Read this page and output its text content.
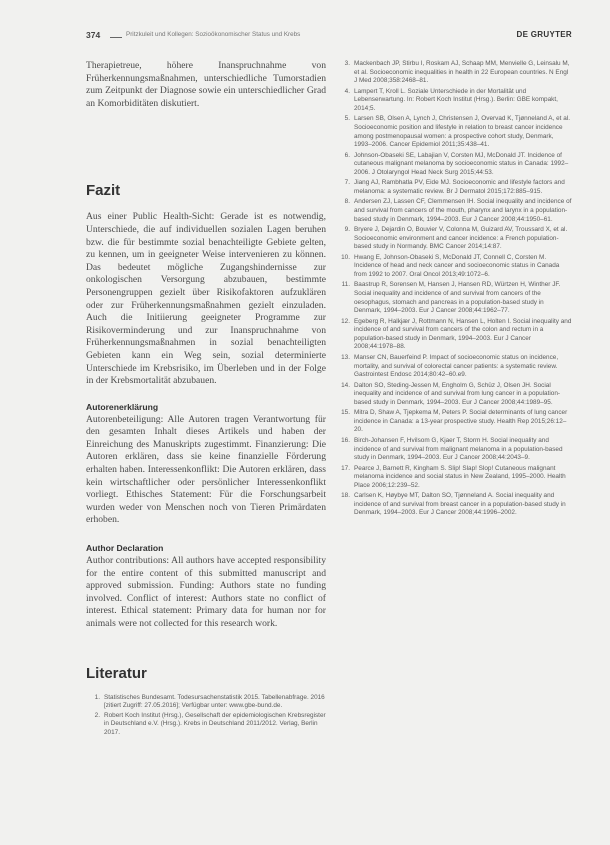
374	Pritzkuleit und Kollegen: Sozioökonomischer Status und Krebs	DE GRUYTER

Therapietreue, höhere Inanspruchnahme von Früherkennungsmaßnahmen, unterschiedliche Tumorstadien zum Zeitpunkt der Diagnose sowie ein unterschiedlicher Grad an Komorbiditäten diskutiert.

Fazit

Aus einer Public Health-Sicht: Gerade ist es notwendig, Unterschiede, die auf individuellen sozialen Lagen beruhen bzw. die für bestimmte sozial benachteiligte Gebiete gelten, zu kennen, um in geeigneter Weise intervenieren zu können. Das bedeutet mögliche Zugangshindernisse zur onkologischen Versorgung abzubauen, bestimmte Personengruppen gezielt über Risikofaktoren aufzuklären oder zur Früherkennungsmaßnahmen gezielt einzuladen. Auch die Initiierung geeigneter Programme zur Risikoverminderung und zur Inanspruchnahme von Früherkennungsmaßnahmen in sozial benachteiligten Gebieten kann ein Weg sein, sozial determinierte Unterschiede im Krebsrisiko, im Überleben und in der Folge in der Krebsmortalität abzubauen.

Autorenerklärung

Autorenbeteiligung: Alle Autoren tragen Verantwortung für den gesamten Inhalt dieses Artikels und haben der Einreichung des Manuskripts zugestimmt. Finanzierung: Die Autoren erklären, dass sie keine finanzielle Förderung erhalten haben. Interessenkonflikt: Die Autoren erklären, dass kein wirtschaftlicher oder persönlicher Interessenkonflikt vorliegt. Ethisches Statement: Für die Forschungsarbeit wurden weder von Menschen noch von Tieren Primärdaten erhoben.

Author Declaration

Author contributions: All authors have accepted responsibility for the entire content of this submitted manuscript and approved submission. Funding: Authors state no funding involved. Conflict of interest: Authors state no conflict of interest. Ethical statement: Primary data for human nor for animals were not collected for this research work.

Literatur
1. Statistisches Bundesamt. Todesursachenstatistik 2015. Tabellenabfrage. 2016 [zitiert Zugriff: 27.05.2016]; Verfügbar unter: www.gbe-bund.de.
2. Robert Koch Institut (Hrsg.), Gesellschaft der epidemiologischen Krebsregister in Deutschland e.V. (Hrsg.). Krebs in Deutschland 2011/2012. Verlag, Berlin 2017.
3. Mackenbach JP, Stirbu I, Roskam AJ, Schaap MM, Menvielle G, Leinsalu M, et al. Socioeconomic inequalities in health in 22 European countries. N Engl J Med 2008;358:2468–81.
4. Lampert T, Kroll L. Soziale Unterschiede in der Mortalität und Lebenserwartung. In: Robert Koch Institut (Hrsg.). Berlin: GBE kompakt, 2014;5.
5. Larsen SB, Olsen A, Lynch J, Christensen J, Overvad K, Tjønneland A, et al. Socioeconomic position and lifestyle in relation to breast cancer incidence among postmenopausal women: a prospective cohort study, Denmark, 1993–2006. Cancer Epidemiol 2011;35:438–41.
6. Johnson-Obaseki SE, Labajian V, Corsten MJ, McDonald JT. Incidence of cutaneous malignant melanoma by socioeconomic status in Canada: 1992–2006. J Otolaryngol Head Neck Surg 2015;44:53.
7. Jiang AJ, Rambhatla PV, Eide MJ. Socioeconomic and lifestyle factors and melanoma: a systematic review. Br J Dermatol 2015;172:885–915.
8. Andersen ZJ, Lassen CF, Clemmensen IH. Social inequality and incidence of and survival from cancers of the mouth, pharynx and larynx in a population-based study in Denmark, 1994–2003. Eur J Cancer 2008;44:1950–61.
9. Bryere J, Dejardin O, Bouvier V, Colonna M, Guizard AV, Troussard X, et al. Socioeconomic environment and cancer incidence: a French population-based study in Normandy. BMC Cancer 2014;14:87.
10. Hwang E, Johnson-Obaseki S, McDonald JT, Connell C, Corsten M. Incidence of head and neck cancer and socioeconomic status in Canada from 1992 to 2007. Oral Oncol 2013;49:1072–6.
11. Baastrup R, Sorensen M, Hansen J, Hansen RD, Würtzen H, Winther JF. Social inequality and incidence of and survival from cancers of the oesophagus, stomach and pancreas in a population-based study in Denmark, 1994–2003. Eur J Cancer 2008;44:1962–77.
12. Egeberg R, Halkjær J, Rottmann N, Hansen L, Holten I. Social inequality and incidence of and survival from cancers of the colon and rectum in a population-based study in Denmark, 1994–2003. Eur J Cancer 2008;44:1978–88.
13. Manser CN, Bauerfeind P. Impact of socioeconomic status on incidence, mortality, and survival of colorectal cancer patients: a systematic review. Gastrointest Endosc 2014;80:42–60.e9.
14. Dalton SO, Steding-Jessen M, Engholm G, Schüz J, Olsen JH. Social inequality and incidence of and survival from lung cancer in a population-based study in Denmark, 1994–2003. Eur J Cancer 2008;44:1989–95.
15. Mitra D, Shaw A, Tjepkema M, Peters P. Social determinants of lung cancer incidence in Canada: a 13-year prospective study. Health Rep 2015;26:12–20.
16. Birch-Johansen F, Hvilsom G, Kjaer T, Storm H. Social inequality and incidence of and survival from malignant melanoma in a population-based study in Denmark, 1994–2003. Eur J Cancer 2008;44:2043–9.
17. Pearce J, Barnett R, Kingham S. Slip! Slap! Slop! Cutaneous malignant melanoma incidence and social status in New Zealand, 1995–2000. Health Place 2006;12:239–52.
18. Carlsen K, Høybye MT, Dalton SO, Tjønneland A. Social inequality and incidence of and survival from breast cancer in a population-based study in Denmark, 1994–2003. Eur J Cancer 2008;44:1996–2002.
